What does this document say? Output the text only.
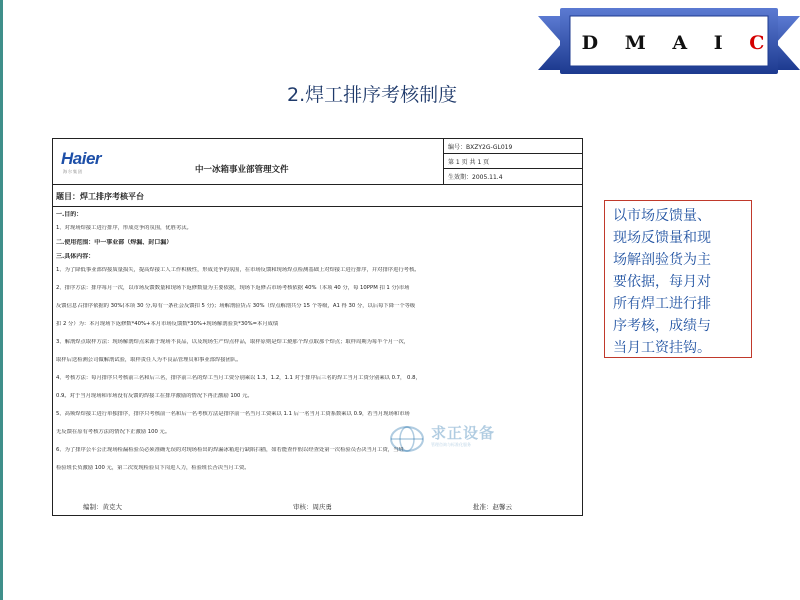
D M A I
C
2.焊工排序考核制度
Haier
海尔集团	中一冰箱事业部管理文件
编号：BXZY2G-GL019
第 1 页 共 1 页
生效期：2005.11.4
题目：焊工排序考核平台
一.目的：
1、对现场焊接工进行排序，形成竞争的氛围，优胜劣汰。
二.使用范围：中一事业部（焊漏、封口漏）
三.具体内容：
1、为了降低事业部焊接质量损失，提高焊接工人工作积极性，形成竞争的氛围，在市场反馈和现场焊点检测基础上对焊接工进行排序，并对排序进行考核。
2、排序方法：排序每月一次，以市场反馈数量和现场下返修数量为主要依据，现场下返修占市场考核依据 40%（本项 40 分，每 10PPM 扣 1 分)市场
反馈信息占排序依据的 30%(本项 30 分,每有一条社会反馈扣 5 分)；场解剖验货占 30%（焊点解剖共分 15 个等级，A1 得 30 分，以后每下降一个等级
扣 2 分）为：本月现场下返修数*40%+本月市场反馈数*30%+现场解剖验货*30%=本月成绩
3、解剖焊点取样方法：现场解剖焊点来源于现场不良品，以及现场生产焊点样品，取样原则是焊工焼那个焊点取那个焊点；取样周期为每半个月一次，
取样后送检测公司做解剖试验，取样责任人为不良品管理员和事业部焊接团队。
4、考核方法：每月排序只考核前三名和后三名，排序前三名的焊工当月工资分别乘以 1.3，1.2，1.1 对于排序后三名的焊工当月工资分别乘以 0.7， 0.8，
0.9。对于当月现场和市场没有反馈的焊接工在排序激励的情况下再正激励 100 元。
5、高频焊焊接工进行单独排序，排序只考核前一名和后一名考核方法是排序前一名当月工资乘以 1.1 后一名当月工资系数乘以 0.9，若当月现场和市场
无反馈在原有考核方法的情况下正激励 100 元。
6、为了排序公平公正现场检漏检验员必须准确无误的对现场检出的焊漏冰箱进行缺陷扫描，如若能查作假以经查处第一次检验员否决当月工资，当班
检验班长负激励 100 元，第二次发现检验员下岗进人力，检验班长否决当月工资。
求正设备
管理咨询与标准化服务
编制：黄克大	审核：周庆勇	批准：赵馨云
以市场反馈量、
现场反馈量和现
场解剖验货为主
要依据，每月对
所有焊工进行排
序考核，成绩与
当月工资挂钩。
